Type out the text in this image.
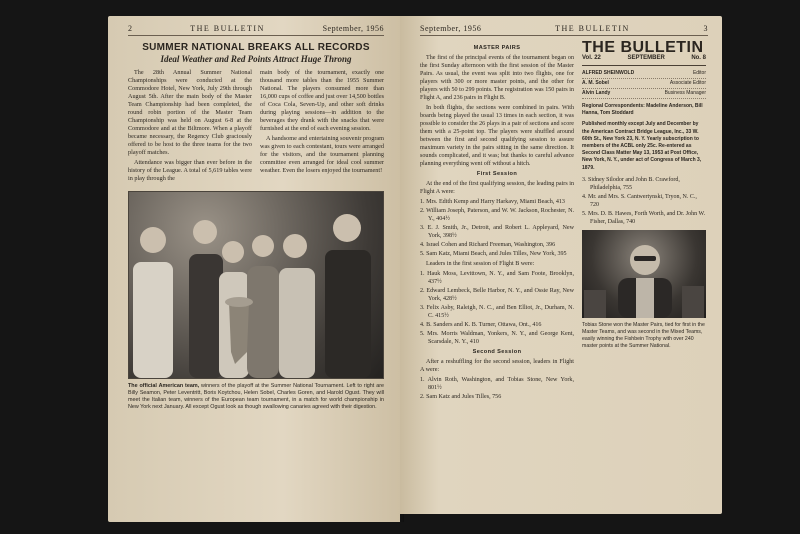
2	THE BULLETIN	September, 1956
SUMMER NATIONAL BREAKS ALL RECORDS
Ideal Weather and Red Points Attract Huge Throng

The 28th Annual Summer National Championships were conducted at the Commodore Hotel, New York, July 29th through August 5th. After the main body of the Master Team Championship had been completed, the round robin portion of the Master Team Championship was held on August 6-8 at the Commodore and at the Biltmore. When a playoff became necessary, the Regency Club graciously offered to be host to the three teams for the two playoff matches.

Attendance was bigger than ever before in the history of the League. A total of 5,619 tables were in play through the

main body of the tournament, exactly one thousand more tables than the 1955 Summer National. The players consumed more than 16,000 cups of coffee and just over 14,500 bottles of Coca Cola, Seven-Up, and other soft drinks during playing sessions—in addition to the beverages they drank with the snacks that were furnished at the end of each evening session.

A handsome and entertaining souvenir program was given to each contestant, tours were arranged for the visitors, and the tournament planning committee even arranged for ideal cool summer weather. Even the losers enjoyed the tournament!

The official American team, winners of the playoff at the Summer National Tournament. Left to right are Billy Seamon, Peter Leventritt, Boris Koytchou, Helen Sobel, Charles Goren, and Harold Ogust. They will meet the Italian team, winners of the European team tournament, in a match for world championship in New York next January. All except Ogust look as though swallowing canaries agreed with their digestion.
September, 1956	THE BULLETIN	3
MASTER PAIRS

The first of the principal events of the tournament began on the first Sunday afternoon with the first session of the Master Pairs. As usual, the event was split into two flights, one for players with 300 or more master points, and the other for players with 50 to 299 points. The registration was 150 pairs in Flight A, and 236 pairs in Flight B.

In both flights, the sections were combined in pairs. With boards being played the usual 13 times in each section, it was possible to consider the 26 plays in a pair of sections and score them with a 25-point top. The players were shuffled around between the first and second qualifying session to assure maximum variety in the pairs sitting in the same direction. It sounds complicated, and it was; but thanks to careful advance planning everything went off without a hitch.

First Session

At the end of the first qualifying session, the leading pairs in Flight A were:

1. Mrs. Edith Kemp and Harry Harkavy, Miami Beach, 413
2. William Joseph, Paterson, and W. W. Jackson, Rochester, N. Y., 404½
3. E. J. Smith, Jr., Detroit, and Robert L. Appleyard, New York, 398½
4. Israel Cohen and Richard Freeman, Washington, 396
5. Sam Katz, Miami Beach, and Jules Tilles, New York, 395

Leaders in the first session of Flight B were:

1. Hauk Moss, Levittown, N. Y., and Sam Foote, Brooklyn, 437½
2. Edward Lembeck, Belle Harbor, N. Y., and Ossie Ray, New York, 428½
3. Felix Asby, Raleigh, N. C., and Ben Elliot, Jr., Durham, N. C. 415½
4. B. Sanders and K. B. Turner, Ottawa, Ont., 416
5. Mrs. Morris Waldman, Yonkers, N. Y., and George Kent, Scarsdale, N. Y., 410
Second Session

After a reshuffling for the second session, leaders in Flight A were:

1. Alvin Roth, Washington, and Tobias Stone, New York, 801½
2. Sam Katz and Jules Tilles, 756
THE BULLETIN
Vol. 22	SEPTEMBER	No. 8
ALFRED SHEINWOLD	Editor
A. M. Sobel	Associate Editor
Alvin Landy	Business Manager
Regional Correspondents: Madeline Anderson, Bill Hanna, Tom Stoddard
Published monthly except July and December by the American Contract Bridge League, Inc., 33 W. 60th St., New York 23, N. Y. Yearly subscription to members of the ACBL only 25c. Re-entered as Second Class Matter May 13, 1953 at Post Office, New York, N. Y., under act of Congress of March 3, 1879.
3. Sidney Silodor and John B. Crawford, Philadelphia, 755
4. Mr. and Mrs. S. Cantwertynski, Tryon, N. C., 720
5. Mrs. D. B. Hawes, Forth Worth, and Dr. John W. Fisher, Dallas, 740
Tobias Stone won the Master Pairs, tied for first in the Master Teams, and was second in the Mixed Teams, easily winning the Fishbein Trophy with over 240 master points at the Summer National.
